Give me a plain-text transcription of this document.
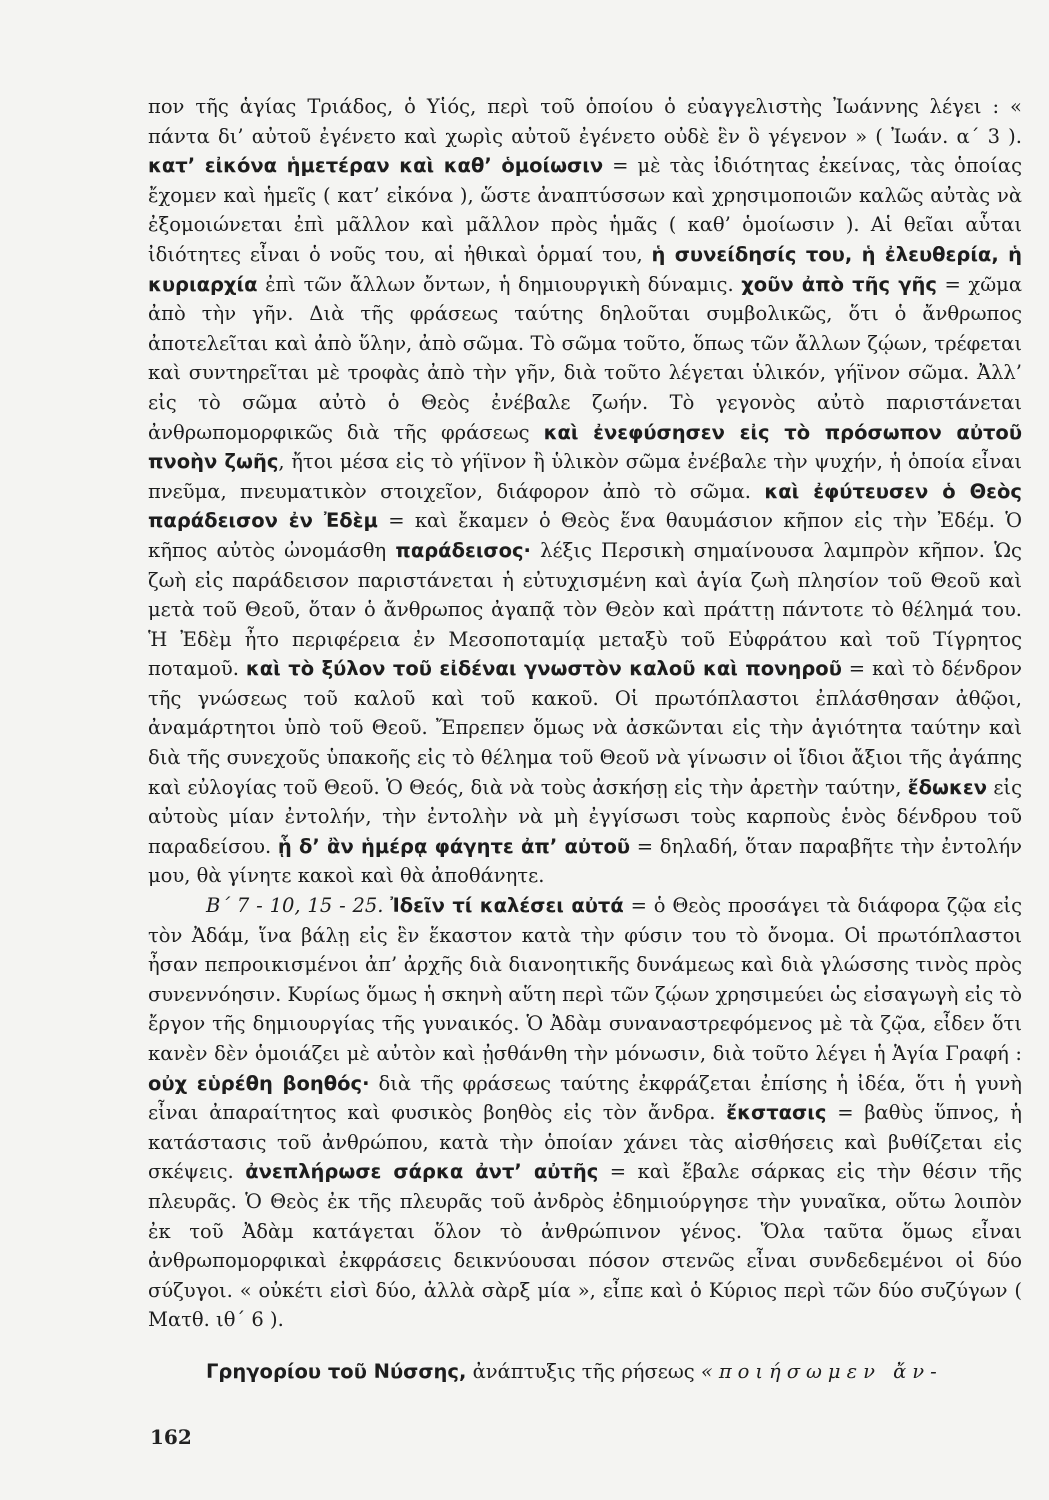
πον τῆς ἁγίας Τριάδος, ὁ Υἱός, περὶ τοῦ ὁποίου ὁ εὐαγγελιστὴς Ἰωάννης λέγει : « πάντα δι’ αὐτοῦ ἐγένετο καὶ χωρὶς αὐτοῦ ἐγένετο οὐδὲ ἓν ὃ γέγενον » ( Ἰωάν. α΄ 3 ). κατ’ εἰκόνα ἡμετέραν καὶ καθ’ ὁμοίωσιν = μὲ τὰς ἰδιότητας ἐκείνας, τὰς ὁποίας ἔχομεν καὶ ἡμεῖς ( κατ’ εἰκόνα ), ὥστε ἀναπτύσσων καὶ χρησιμοποιῶν καλῶς αὐτὰς νὰ ἐξομοιώνεται ἐπὶ μᾶλλον καὶ μᾶλλον πρὸς ἡμᾶς ( καθ’ ὁμοίωσιν ). Αἱ θεῖαι αὗται ἰδιότητες εἶναι ὁ νοῦς του, αἱ ἠθικαὶ ὁρμαί του, ἡ συνείδησίς του, ἡ ἐλευθερία, ἡ κυριαρχία ἐπὶ τῶν ἄλλων ὄντων, ἡ δημιουργικὴ δύναμις. χοῦν ἀπὸ τῆς γῆς = χῶμα ἀπὸ τὴν γῆν. Διὰ τῆς φράσεως ταύτης δηλοῦται συμβολικῶς, ὅτι ὁ ἄνθρωπος ἀποτελεῖται καὶ ἀπὸ ὕλην, ἀπὸ σῶμα. Τὸ σῶμα τοῦτο, ὅπως τῶν ἄλλων ζῴων, τρέφεται καὶ συντηρεῖται μὲ τροφὰς ἀπὸ τὴν γῆν, διὰ τοῦτο λέγεται ὑλικόν, γήϊνον σῶμα. Ἀλλ’ εἰς τὸ σῶμα αὐτὸ ὁ Θεὸς ἐνέβαλε ζωήν. Τὸ γεγονὸς αὐτὸ παριστάνεται ἀνθρωπομορφικῶς διὰ τῆς φράσεως καὶ ἐνεφύσησεν εἰς τὸ πρόσωπον αὐτοῦ πνοὴν ζωῆς, ἤτοι μέσα εἰς τὸ γήϊνον ἢ ὑλικὸν σῶμα ἐνέβαλε τὴν ψυχήν, ἡ ὁποία εἶναι πνεῦμα, πνευματικὸν στοιχεῖον, διάφορον ἀπὸ τὸ σῶμα. καὶ ἐφύτευσεν ὁ Θεὸς παράδεισον ἐν Ἐδὲμ = καὶ ἔκαμεν ὁ Θεὸς ἕνα θαυμάσιον κῆπον εἰς τὴν Ἐδέμ. Ὁ κῆπος αὐτὸς ὠνομάσθη παράδεισος· λέξις Περσικὴ σημαίνουσα λαμπρὸν κῆπον. Ὡς ζωὴ εἰς παράδεισον παριστάνεται ἡ εὐτυχισμένη καὶ ἁγία ζωὴ πλησίον τοῦ Θεοῦ καὶ μετὰ τοῦ Θεοῦ, ὅταν ὁ ἄνθρωπος ἀγαπᾷ τὸν Θεὸν καὶ πράττῃ πάντοτε τὸ θέλημά του. Ἡ Ἐδὲμ ἦτο περιφέρεια ἐν Μεσοποταμίᾳ μεταξὺ τοῦ Εὐφράτου καὶ τοῦ Τίγρητος ποταμοῦ. καὶ τὸ ξύλον τοῦ εἰδέναι γνωστὸν καλοῦ καὶ πονηροῦ = καὶ τὸ δένδρον τῆς γνώσεως τοῦ καλοῦ καὶ τοῦ κακοῦ. Οἱ πρωτόπλαστοι ἐπλάσθησαν ἀθῷοι, ἀναμάρτητοι ὑπὸ τοῦ Θεοῦ. Ἔπρεπεν ὅμως νὰ ἀσκῶνται εἰς τὴν ἁγιότητα ταύτην καὶ διὰ τῆς συνεχοῦς ὑπακοῆς εἰς τὸ θέλημα τοῦ Θεοῦ νὰ γίνωσιν οἱ ἴδιοι ἄξιοι τῆς ἀγάπης καὶ εὐλογίας τοῦ Θεοῦ. Ὁ Θεός, διὰ νὰ τοὺς ἀσκήσῃ εἰς τὴν ἀρετὴν ταύτην, ἔδωκεν εἰς αὐτοὺς μίαν ἐντολήν, τὴν ἐντολὴν νὰ μὴ ἐγγίσωσι τοὺς καρποὺς ἑνὸς δένδρου τοῦ παραδείσου. ᾗ δ’ ἂν ἡμέρᾳ φάγητε ἀπ’ αὐτοῦ = δηλαδή, ὅταν παραβῆτε τὴν ἐντολήν μου, θὰ γίνητε κακοὶ καὶ θὰ ἀποθάνητε.

Β΄ 7 - 10, 15 - 25. Ἰδεῖν τί καλέσει αὐτά = ὁ Θεὸς προσάγει τὰ διάφορα ζῷα εἰς τὸν Ἀδάμ, ἵνα βάλῃ εἰς ἓν ἕκαστον κατὰ τὴν φύσιν του τὸ ὄνομα. Οἱ πρωτόπλαστοι ἦσαν πεπροικισμένοι ἀπ’ ἀρχῆς διὰ διανοητικῆς δυνάμεως καὶ διὰ γλώσσης τινὸς πρὸς συνεννόησιν. Κυρίως ὅμως ἡ σκηνὴ αὕτη περὶ τῶν ζῴων χρησιμεύει ὡς εἰσαγωγὴ εἰς τὸ ἔργον τῆς δημιουργίας τῆς γυναικός. Ὁ Ἀδὰμ συναναστρεφόμενος μὲ τὰ ζῷα, εἶδεν ὅτι κανὲν δὲν ὁμοιάζει μὲ αὐτὸν καὶ ᾐσθάνθη τὴν μόνωσιν, διὰ τοῦτο λέγει ἡ Ἁγία Γραφή : οὐχ εὑρέθη βοηθός· διὰ τῆς φράσεως ταύτης ἐκφράζεται ἐπίσης ἡ ἰδέα, ὅτι ἡ γυνὴ εἶναι ἀπαραίτητος καὶ φυσικὸς βοηθὸς εἰς τὸν ἄνδρα. ἔκστασις = βαθὺς ὕπνος, ἡ κατάστασις τοῦ ἀνθρώπου, κατὰ τὴν ὁποίαν χάνει τὰς αἰσθήσεις καὶ βυθίζεται εἰς σκέψεις. ἀνεπλήρωσε σάρκα ἀντ’ αὐτῆς = καὶ ἔβαλε σάρκας εἰς τὴν θέσιν τῆς πλευρᾶς. Ὁ Θεὸς ἐκ τῆς πλευρᾶς τοῦ ἀνδρὸς ἐδημιούργησε τὴν γυναῖκα, οὕτω λοιπὸν ἐκ τοῦ Ἀδὰμ κατάγεται ὅλον τὸ ἀνθρώπινον γένος. Ὅλα ταῦτα ὅμως εἶναι ἀνθρωπομορφικαὶ ἐκφράσεις δεικνύουσαι πόσον στενῶς εἶναι συνδεδεμένοι οἱ δύο σύζυγοι. « οὐκέτι εἰσὶ δύο, ἀλλὰ σὰρξ μία », εἶπε καὶ ὁ Κύριος περὶ τῶν δύο συζύγων ( Ματθ. ιθ΄ 6 ).

Γρηγορίου τοῦ Νύσσης, ἀνάπτυξις τῆς ρήσεως «ποιήσωμεν ἄν-

162
